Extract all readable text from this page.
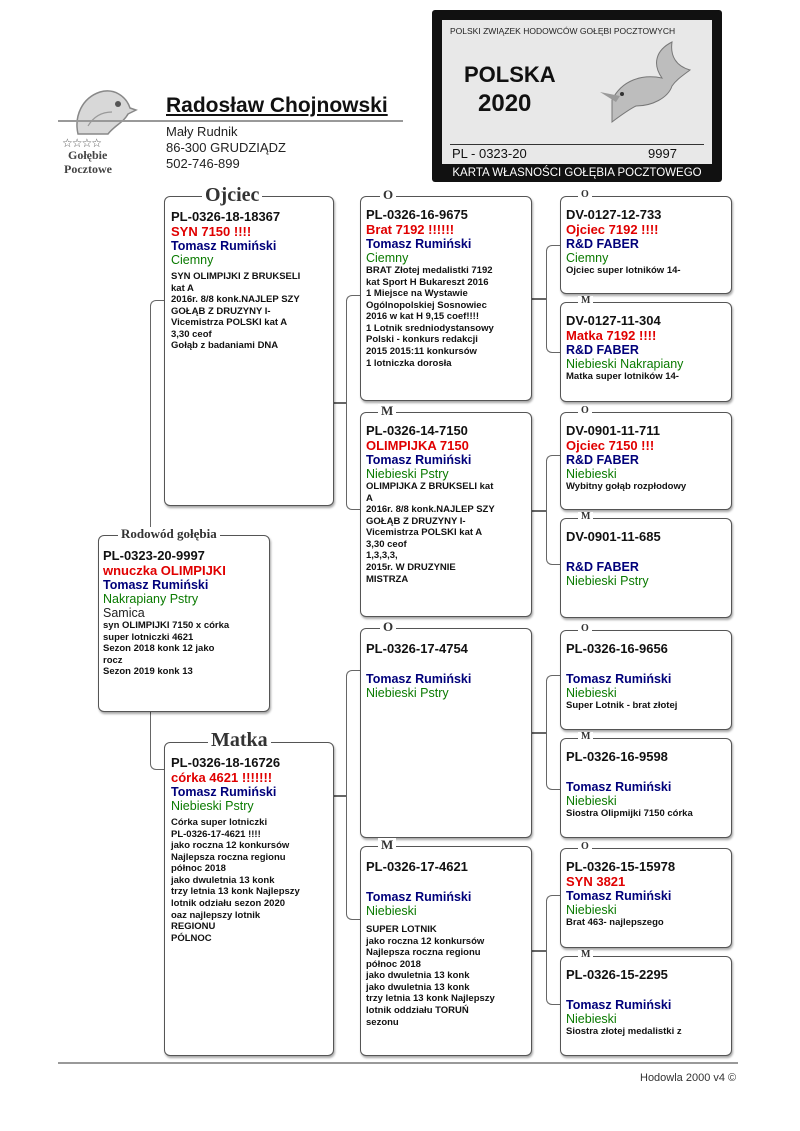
☆☆☆☆
Gołębie
Pocztowe
Radosław Chojnowski
Mały Rudnik
86-300 GRUDZIĄDZ
502-746-899
POLSKI ZWIĄZEK HODOWCÓW GOŁĘBI POCZTOWYCH
POLSKA
2020
PL - 0323-20	9997
KARTA WŁASNOŚCI GOŁĘBIA POCZTOWEGO
PL-0326-18-18367
SYN 7150 !!!!
Tomasz Rumiński
Ciemny
SYN OLIMPIJKI Z BRUKSELI
kat A
2016r. 8/8 konk.NAJLEP SZY
GOŁĄB Z DRUZYNY I-
Vicemistrza POLSKI kat A
3,30 ceof
Gołąb z badaniami DNA
Ojciec
PL-0323-20-9997
wnuczka OLIMPIJKI
Tomasz Rumiński
Nakrapiany Pstry
Samica
syn OLIMPIJKI 7150 x córka
super lotniczki 4621
Sezon 2018 konk 12 jako
rocz
Sezon 2019 konk 13
Rodowód gołębia
PL-0326-18-16726
córka 4621 !!!!!!!
Tomasz Rumiński
Niebieski Pstry
Córka super lotniczki
PL-0326-17-4621 !!!!
jako roczna 12 konkursów
Najlepsza roczna regionu
północ 2018
jako dwuletnia 13 konk
trzy letnia 13 konk Najlepszy
lotnik odziału sezon 2020
oaz najlepszy lotnik
REGIONU
PÓLNOC
Matka
PL-0326-16-9675
Brat 7192 !!!!!!
Tomasz Rumiński
Ciemny
BRAT Złotej medalistki 7192
kat Sport H Bukareszt 2016
1 Miejsce na Wystawie
Ogólnopolskiej Sosnowiec
2016 w kat H 9,15 coef!!!!
1 Lotnik sredniodystansowy
Polski - konkurs redakcji
2015 2015:11 konkursów
1 lotniczka dorosła
O
PL-0326-14-7150
OLIMPIJKA 7150
Tomasz Rumiński
Niebieski Pstry
OLIMPIJKA Z BRUKSELI kat
A
2016r. 8/8 konk.NAJLEP SZY
GOŁĄB Z DRUZYNY I-
Vicemistrza POLSKI kat A
3,30 ceof
1,3,3,3,
2015r. W DRUZYNIE
MISTRZA
M
PL-0326-17-4754
Tomasz Rumiński
Niebieski Pstry
O
PL-0326-17-4621
Tomasz Rumiński
Niebieski
SUPER LOTNIK
jako roczna 12 konkursów
Najlepsza roczna regionu
północ 2018
jako dwuletnia 13 konk
jako dwuletnia 13 konk
trzy letnia 13 konk Najlepszy
lotnik oddziału TORUŃ
sezonu
M
DV-0127-12-733
Ojciec 7192 !!!!
R&D FABER
Ciemny
Ojciec super lotników 14-
O
DV-0127-11-304
Matka 7192 !!!!
R&D FABER
Niebieski Nakrapiany
Matka super lotników 14-
M
DV-0901-11-711
Ojciec 7150 !!!
R&D FABER
Niebieski
Wybitny gołąb rozpłodowy
O
DV-0901-11-685
R&D FABER
Niebieski Pstry
M
PL-0326-16-9656
Tomasz Rumiński
Niebieski
Super Lotnik - brat złotej
O
PL-0326-16-9598
Tomasz Rumiński
Niebieski
Siostra Olipmijki 7150 córka
M
PL-0326-15-15978
SYN 3821
Tomasz Rumiński
Niebieski
Brat 463- najlepszego
O
PL-0326-15-2295
Tomasz Rumiński
Niebieski
Siostra złotej medalistki z
M
Hodowla 2000 v4 ©
